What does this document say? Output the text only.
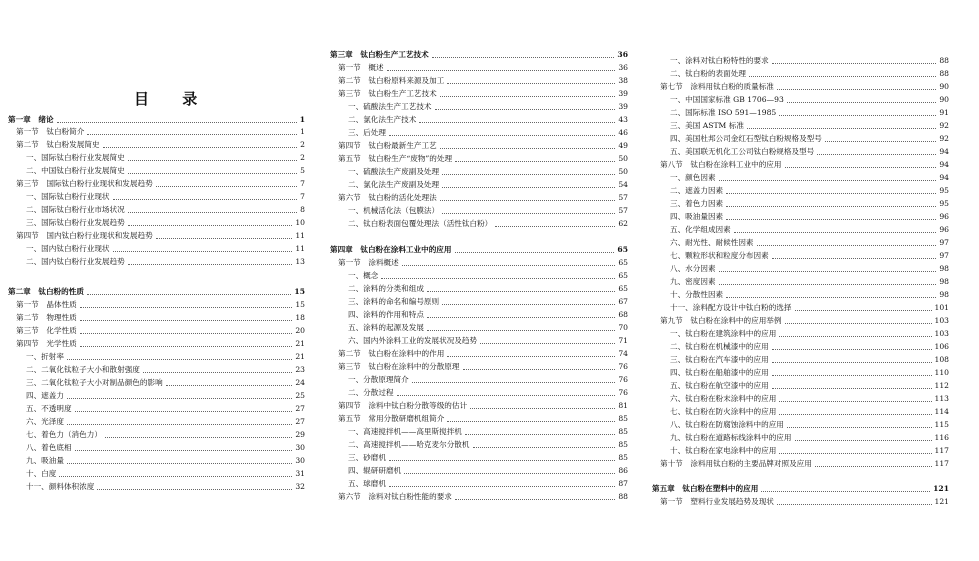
目 录
第一章　绪论	1
第一节　钛白粉简介	1
第二节　钛白粉发展简史	2
一、国际钛白粉行业发展简史	2
二、中国钛白粉行业发展简史	5
第三节　国际钛白粉行业现状和发展趋势	7
一、国际钛白粉行业现状	7
二、国际钛白粉行业市场状况	8
三、国际钛白粉行业发展趋势	10
第四节　国内钛白粉行业现状和发展趋势	11
一、国内钛白粉行业现状	11
二、国内钛白粉行业发展趋势	13
第二章　钛白粉的性质	15
第一节　晶体性质	15
第二节　物理性质	18
第三节　化学性质	20
第四节　光学性质	21
一、折射率	21
二、二氧化钛粒子大小和散射强度	23
三、二氧化钛粒子大小对制品颜色的影响	24
四、遮盖力	25
五、不透明度	27
六、光泽度	27
七、着色力（消色力）	29
八、着色底相	30
九、吸油量	30
十、白度	31
十一、颜料体积浓度	32
第三章　钛白粉生产工艺技术	36
第一节　概述	36
第二节　钛白粉原料来源及加工	38
第三节　钛白粉生产工艺技术	39
一、硫酸法生产工艺技术	39
二、氯化法生产技术	43
三、后处理	46
第四节　钛白粉最新生产工艺	49
第五节　钛白粉生产“废物”的处理	50
一、硫酸法生产废副及处理	50
二、氯化法生产废副及处理	54
第六节　钛白粉的活化处理法	57
一、机械活化法（包膜法）	57
二、钛白粉表面包覆处理法（活性钛白粉）	62
第四章　钛白粉在涂料工业中的应用	65
第一节　涂料概述	65
一、概念	65
二、涂料的分类和组成	65
三、涂料的命名和编号原则	67
四、涂料的作用和特点	68
五、涂料的起源及发展	70
六、国内外涂料工业的发展状况及趋势	71
第二节　钛白粉在涂料中的作用	74
第三节　钛白粉在涂料中的分散原理	76
一、分散原理简介	76
二、分散过程	76
第四节　涂料中钛白粉分散等级的估计	81
第五节　常用分散研磨机组简介	85
一、高速搅拌机——高里斯搅拌机	85
二、高速搅拌机——哈克麦尔分散机	85
三、砂磨机	85
四、辊研研磨机	86
五、球磨机	87
第六节　涂料对钛白粉性能的要求	88
一、涂料对钛白粉特性的要求	88
二、钛白粉的表面处理	88
第七节　涂料用钛白粉的质量标准	90
一、中国国家标准 GB 1706—93	90
二、国际标准 ISO 591—1985	91
三、美国 ASTM 标准	92
四、美国杜邦公司金红石型钛白粉规格及型号	92
五、美国联无机化工公司钛白粉规格及型号	94
第八节　钛白粉在涂料工业中的应用	94
一、颜色因素	94
二、遮盖力因素	95
三、着色力因素	95
四、吸油量因素	96
五、化学组成因素	96
六、耐光性、耐候性因素	97
七、颗粒形状和粒度分布因素	97
八、水分因素	98
九、密度因素	98
十、分散性因素	98
十一、涂料配方设计中钛白粉的选择	101
第九节　钛白粉在涂料中的应用举例	103
一、钛白粉在建筑涂料中的应用	103
二、钛白粉在机械漆中的应用	106
三、钛白粉在汽车漆中的应用	108
四、钛白粉在船舶漆中的应用	110
五、钛白粉在航空漆中的应用	112
六、钛白粉在粉末涂料中的应用	113
七、钛白粉在防火涂料中的应用	114
八、钛白粉在防腐蚀涂料中的应用	115
九、钛白粉在道路标线涂料中的应用	116
十、钛白粉在家电涂料中的应用	117
第十节　涂料用钛白粉的主要品牌对照及应用	117
第五章　钛白粉在塑料中的应用	121
第一节　塑料行业发展趋势及现状	121
